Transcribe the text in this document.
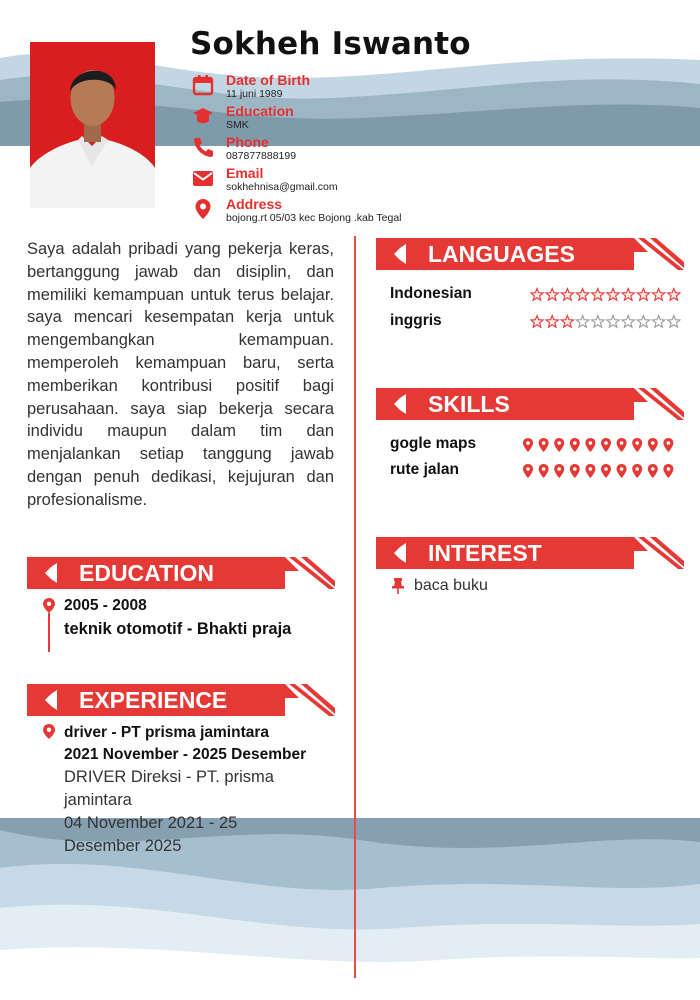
Sokheh Iswanto
Date of Birth
11 juni 1989
Education
SMK
Phone
087877888199
Email
sokhehnisa@gmail.com
Address
bojong.rt 05/03 kec Bojong .kab Tegal
Saya adalah pribadi yang pekerja keras, bertanggung jawab dan disiplin, dan memiliki kemampuan untuk terus belajar. saya mencari kesempatan kerja untuk mengembangkan kemampuan. memperoleh kemampuan baru, serta memberikan kontribusi positif bagi perusahaan. saya siap bekerja secara individu maupun dalam tim dan menjalankan setiap tanggung jawab dengan penuh dedikasi, kejujuran dan profesionalisme.
EDUCATION
2005 - 2008
teknik otomotif - Bhakti praja
EXPERIENCE
driver - PT prisma jamintara
2021 November - 2025 Desember
DRIVER Direksi - PT. prisma jamintara
04 November 2021 - 25 Desember 2025
LANGUAGES
Indonesian
inggris
SKILLS
gogle maps
rute jalan
INTEREST
baca buku
